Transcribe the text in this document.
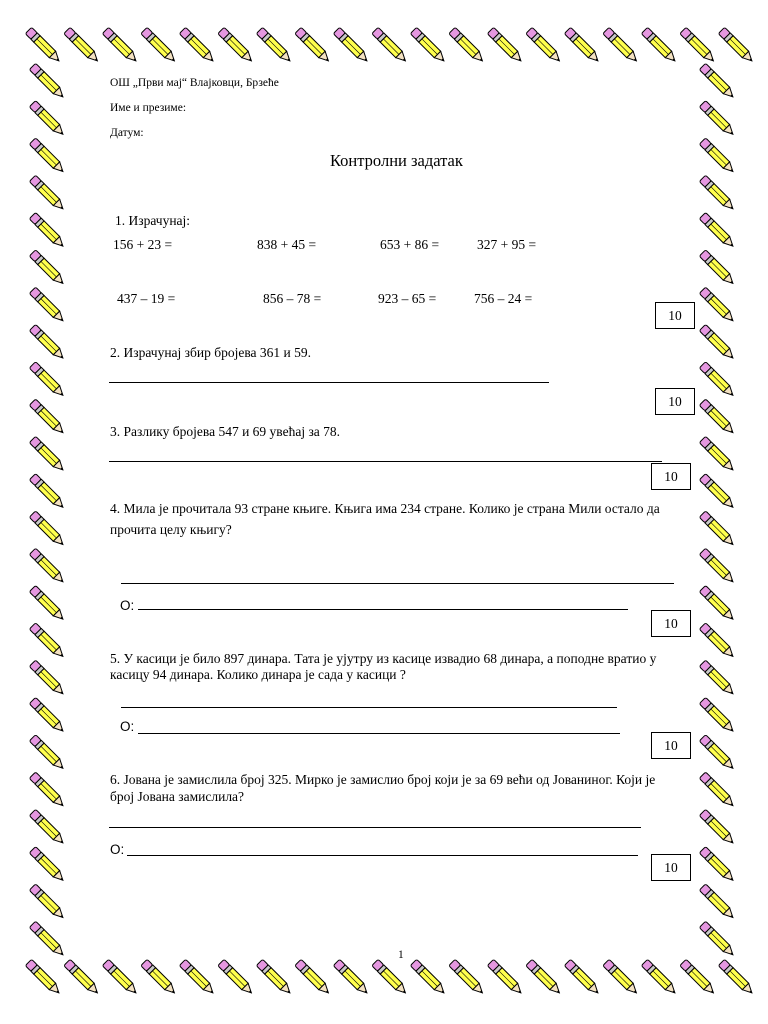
ОШ „Први мај“ Влајковци, Брзеће
Име и презиме:
Датум:
Контролни задатак
1. Израчунај:
156 + 23 =	838 + 45 =	653 + 86 =	327 + 95 =
437 – 19 =	856 – 78 =	923 – 65 =	756 – 24 =
10
2. Израчунај збир бројева 361 и 59.
10
3. Разлику бројева 547 и 69 увећај за 78.
10
4. Мила је прочитала 93 стране књиге. Књига има 234 стране. Колико је страна Мили остало да
прочита целу књигу?
О:
10
5. У касици је било 897 динара. Тата је ујутру из касице извадио 68 динара, а поподне вратио у
касицу 94 динара. Колико динара је сада у касици ?
О:
10
6. Јована је замислила број 325. Мирко је замислио број који је за 69 већи од Јованиног. Који је
број Јована замислила?
О:
10
1
